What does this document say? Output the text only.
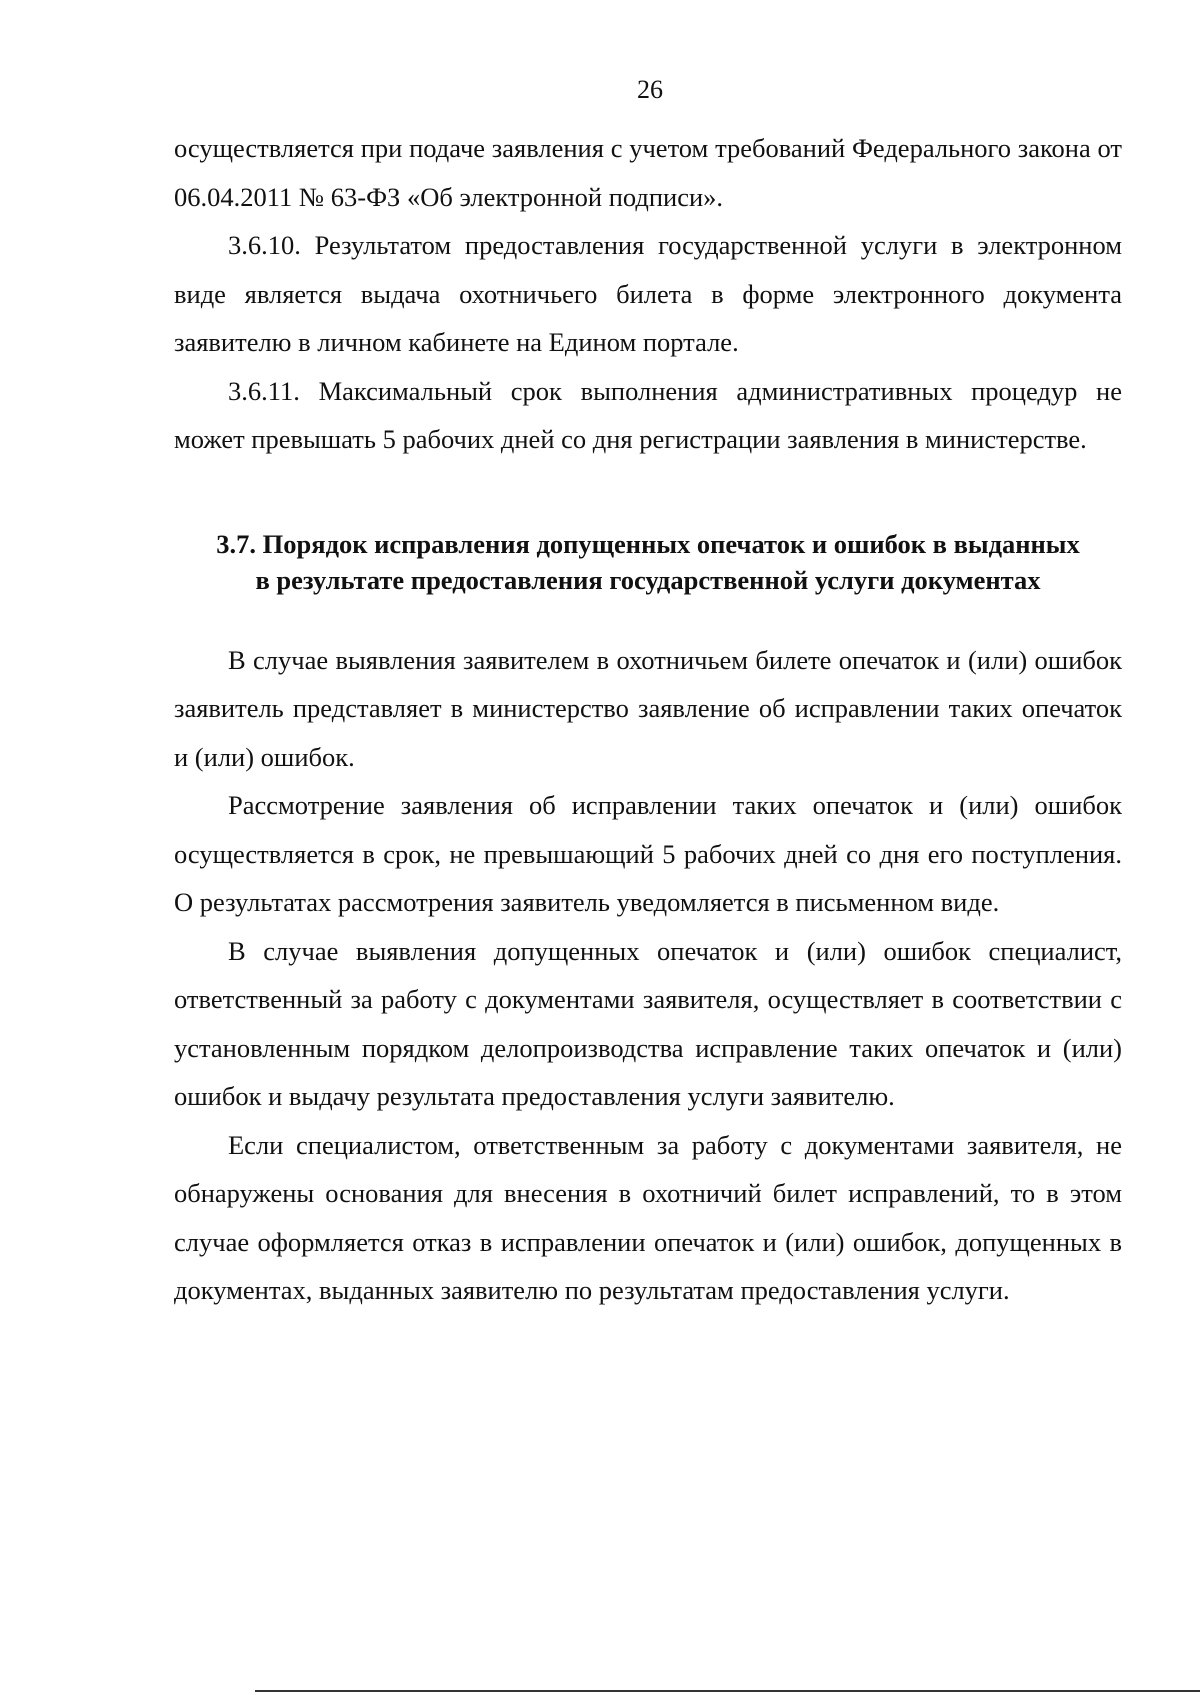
26

осуществляется при подаче заявления с учетом требований Федерального закона от 06.04.2011 № 63-ФЗ «Об электронной подписи».

3.6.10. Результатом предоставления государственной услуги в электронном виде является выдача охотничьего билета в форме электронного документа заявителю в личном кабинете на Едином портале.

3.6.11. Максимальный срок выполнения административных процедур не может превышать 5 рабочих дней со дня регистрации заявления в министерстве.

3.7. Порядок исправления допущенных опечаток и ошибок в выданных
в результате предоставления государственной услуги документах

В случае выявления заявителем в охотничьем билете опечаток и (или) ошибок заявитель представляет в министерство заявление об исправлении таких опечаток и (или) ошибок.

Рассмотрение заявления об исправлении таких опечаток и (или) ошибок осуществляется в срок, не превышающий 5 рабочих дней со дня его поступления. О результатах рассмотрения заявитель уведомляется в письменном виде.

В случае выявления допущенных опечаток и (или) ошибок специалист, ответственный за работу с документами заявителя, осуществляет в соответствии с установленным порядком делопроизводства исправление таких опечаток и (или) ошибок и выдачу результата предоставления услуги заявителю.

Если специалистом, ответственным за работу с документами заявителя, не обнаружены основания для внесения в охотничий билет исправлений, то в этом случае оформляется отказ в исправлении опечаток и (или) ошибок, допущенных в документах, выданных заявителю по результатам предоставления услуги.
